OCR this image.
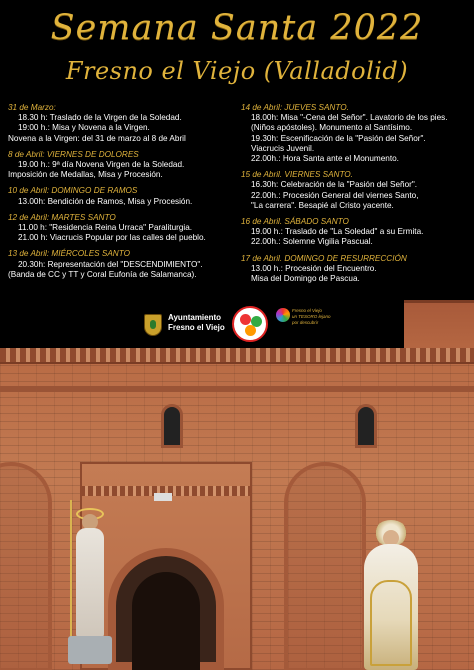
Semana Santa 2022
Fresno el Viejo (Valladolid)
31 de Marzo:
18.30 h: Traslado de la Virgen de la Soledad.
19:00 h.: Misa y Novena a la Virgen.
Novena a la Virgen: del 31 de marzo al 8 de Abril
8 de Abril: VIERNES DE DOLORES
19.00 h.: 9ª día Novena Virgen de la Soledad.
Imposición de Medallas, Misa y Procesión.
10 de Abril: DOMINGO DE RAMOS
13.00h: Bendición de Ramos, Misa y Procesión.
12 de Abril: MARTES SANTO
11.00 h: "Residencia Reina Urraca" Paraliturgia.
21.00 h: Viacrucis Popular por las calles del pueblo.
13 de Abril: MIÉRCOLES SANTO
20.30h: Representación del "DESCENDIMIENTO".
(Banda de CC y TT y Coral Eufonía de Salamanca).
14 de Abril: JUEVES SANTO.
18.00h: Misa "-Cena del Señor". Lavatorio de los pies.
(Niños apóstoles). Monumento al Santísimo.
19.30h: Escenificación de la "Pasión del Señor".
Viacrucis Juvenil.
22.00h.: Hora Santa ante el Monumento.
15 de Abril. VIERNES SANTO.
16.30h: Celebración de la "Pasión del Señor".
22.00h.: Procesión General del viernes Santo,
"La carrera". Besapié al Cristo yacente.
16 de Abril. SÁBADO SANTO
19.00 h.: Traslado de "La Soledad" a su Ermita.
22.00h.: Solemne Vigilia Pascual.
17 de Abril. DOMINGO DE RESURRECCIÓN
13.00 h.: Procesión del Encuentro.
Misa del Domingo de Pascua.
Ayuntamiento
Fresno el Viejo
Fresno el Viejo
un TESORO lejano
por descubrir
